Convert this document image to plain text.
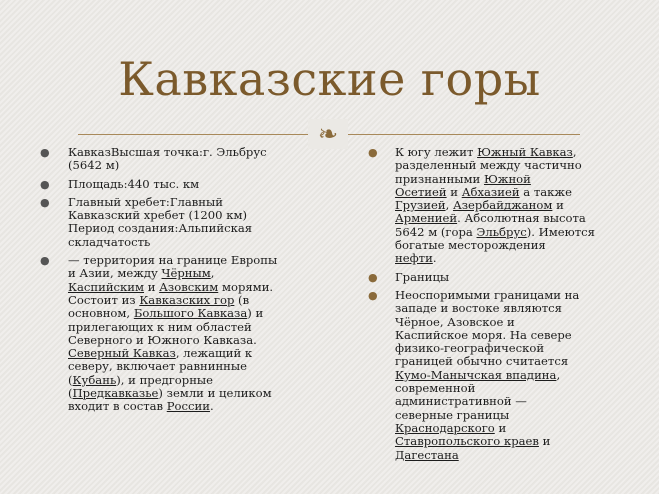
Кавказские горы
❧
● КавказВысшая точка:г. Эльбрус
(5642 м)
● Площадь:440 тыс. км
● Главный хребет:Главный
Кавказский хребет (1200 км)
Период создания:Альпийская
складчатость
● — территория на границе Европы
и Азии, между Чёрным,
Каспийским и Азовским морями.
Состоит из Кавказских гор (в
основном, Большого Кавказа) и
прилегающих к ним областей
Северного и Южного Кавказа.
Северный Кавказ, лежащий к
северу, включает равнинные
(Кубань), и предгорные
(Предкавказье) земли и целиком
входит в состав России.
● К югу лежит Южный Кавказ,
разделенный между частично
признанными Южной
Осетией и Абхазией а также
Грузией, Азербайджаном и
Арменией. Абсолютная высота
5642 м (гора Эльбрус). Имеются
богатые месторождения
нефти.
● Границы
● Неоспоримыми границами на
западе и востоке являются
Чёрное, Азовское и
Каспийское моря. На севере
физико-географической
границей обычно считается
Кумо-Манычская впадина,
современной
административной —
северные границы
Краснодарского и
Ставропольского краев и
Дагестана
